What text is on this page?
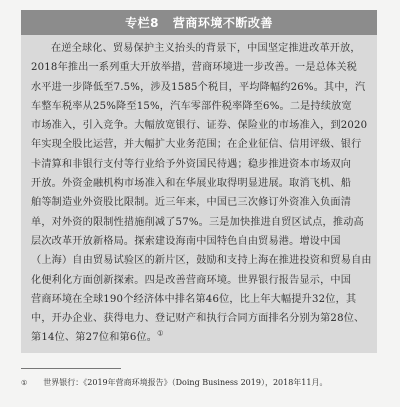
专栏8 营商环境不断改善
在逆全球化、贸易保护主义抬头的背景下，中国坚定推进改革开放，
2018年推出一系列重大开放举措，营商环境进一步改善。一是总体关税
水平进一步降低至7.5%，涉及1585个税目，平均降幅约26%。其中，汽
车整车税率从25%降至15%，汽车零部件税率降至6%。二是持续放宽
市场准入，引入竞争。大幅放宽银行、证券、保险业的市场准入，到2020
年实现全股比运营，并大幅扩大业务范围；在企业征信、信用评级、银行
卡清算和非银行支付等行业给予外资国民待遇；稳步推进资本市场双向
开放。外资金融机构市场准入和在华展业取得明显进展。取消飞机、船
舶等制造业外资股比限制。近三年来，中国已三次修订外资准入负面清
单，对外资的限制性措施削减了57%。三是加快推进自贸区试点，推动高
层次改革开放新格局。探索建设海南中国特色自由贸易港。增设中国
（上海）自由贸易试验区的新片区，鼓励和支持上海在推进投资和贸易自由
化便利化方面创新探索。四是改善营商环境。世界银行报告显示，中国
营商环境在全球190个经济体中排名第46位，比上年大幅提升32位，其
中，开办企业、获得电力、登记财产和执行合同方面排名分别为第28位、
第14位、第27位和第6位。①
① 世界银行：《2019年营商环境报告》（Doing Business 2019），2018年11月。
